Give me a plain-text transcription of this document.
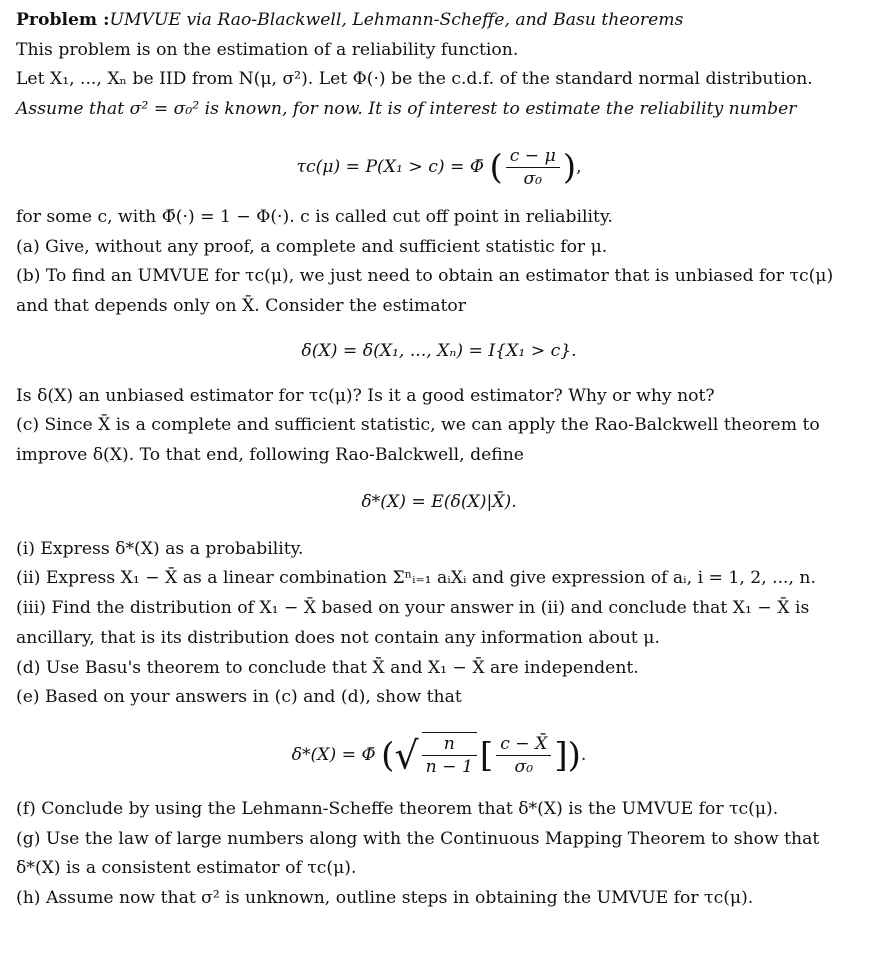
Problem :UMVUE via Rao-Blackwell, Lehmann-Scheffe, and Basu theorems
This problem is on the estimation of a reliability function.
Let X₁, ..., Xₙ be IID from N(μ, σ²). Let Φ(·) be the c.d.f. of the standard normal distribution.
Assume that σ² = σ₀² is known, for now. It is of interest to estimate the reliability number
τc(μ) = P(X₁ > c) = Φ̄ ( $\frac{c - \mu}{\text{σ₀}}$ ),
for some c, with Φ̄(·) = 1 − Φ(·). c is called cut off point in reliability.
(a) Give, without any proof, a complete and sufficient statistic for μ.
(b) To find an UMVUE for τc(μ), we just need to obtain an estimator that is unbiased for τc(μ)
and that depends only on X̄. Consider the estimator
δ(X) = δ(X₁, ..., Xₙ) = I{X₁ > c}.
Is δ(X) an unbiased estimator for τc(μ)? Is it a good estimator? Why or why not?
(c) Since X̄ is a complete and sufficient statistic, we can apply the Rao-Balckwell theorem to
improve δ(X). To that end, following Rao-Balckwell, define
δ*(X) = E(δ(X)|X̄).
(i) Express δ*(X) as a probability.
(ii) Express X₁ − X̄ as a linear combination Σⁿᵢ₌₁ aᵢXᵢ and give expression of aᵢ, i = 1, 2, ..., n.
(iii) Find the distribution of X₁ − X̄ based on your answer in (ii) and conclude that X₁ − X̄ is
ancillary, that is its distribution does not contain any information about μ.
(d) Use Basu's theorem to conclude that X̄ and X₁ − X̄ are independent.
(e) Based on your answers in (c) and (d), show that
δ*(X) = Φ̄ (√ $\frac{n}{n - 1}$ [ $\frac{c - X̄}{\text{σ₀}}$ ]).
(f) Conclude by using the Lehmann-Scheffe theorem that δ*(X) is the UMVUE for τc(μ).
(g) Use the law of large numbers along with the Continuous Mapping Theorem to show that
δ*(X) is a consistent estimator of τc(μ).
(h) Assume now that σ² is unknown, outline steps in obtaining the UMVUE for τc(μ).
